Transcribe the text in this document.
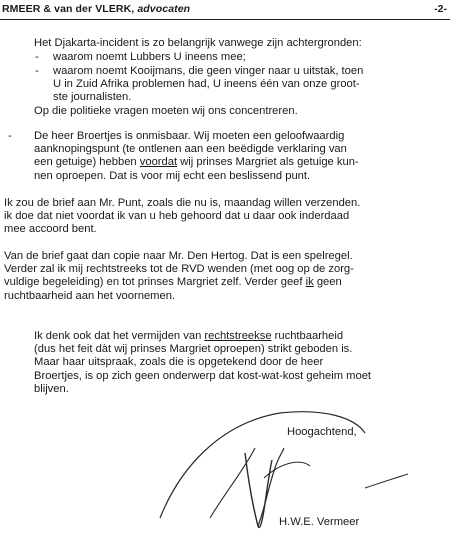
RMEER & van der VLERK, advocaten	-2-
Het Djakarta-incident is zo belangrijk vanwege zijn achtergronden:
-	waarom noemt Lubbers U ineens mee;
-	waarom noemt Kooijmans, die geen vinger naar u uitstak, toen
U in Zuid Afrika problemen had, U ineens één van onze groot-
ste journalisten.
Op die politieke vragen moeten wij ons concentreren.
-	De heer Broertjes is onmisbaar. Wij moeten een geloofwaardig
aanknopingspunt (te ontlenen aan een beëdigde verklaring van
een getuige) hebben voordat wij prinses Margriet als getuige kun-
nen oproepen. Dat is voor mij echt een beslissend punt.
Ik zou de brief aan Mr. Punt, zoals die nu is, maandag willen verzenden.
ik doe dat niet voordat ik van u heb gehoord dat u daar ook inderdaad
mee accoord bent.
Van de brief gaat dan copie naar Mr. Den Hertog. Dat is een spelregel.
Verder zal ik mij rechtstreeks tot de RVD wenden (met oog op de zorg-
vuldige begeleiding) en tot prinses Margriet zelf. Verder geef ik geen
ruchtbaarheid aan het voornemen.
Ik denk ook dat het vermijden van rechtstreekse ruchtbaarheid
(dus het feit dàt wij prinses Margriet oproepen) strikt geboden is.
Maar haar uitspraak, zoals die is opgetekend door de heer
Broertjes, is op zich geen onderwerp dat kost-wat-kost geheim moet
blijven.
Hoogachtend,
H.W.E. Vermeer
